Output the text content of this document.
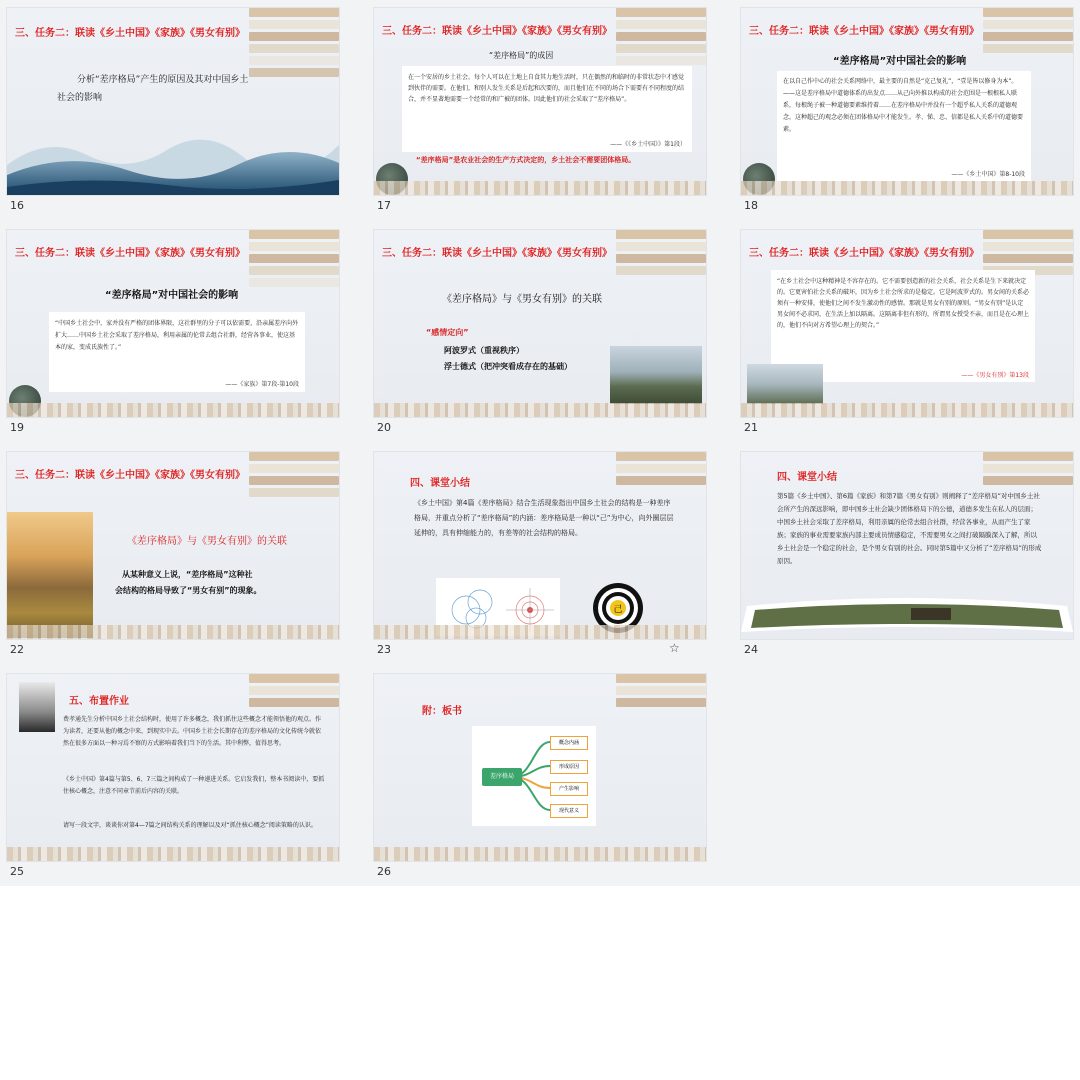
三、任务二：联读《乡土中国》《家族》《男女有别》
分析“差序格局”产生的原因及其对中国乡土
社会的影响
16
三、任务二：联读《乡土中国》《家族》《男女有别》
“差序格局”的成因
在一个安居的乡土社会，每个人可以在土地上自食其力地生活时，只在偶然的和临时的非常状态中才感觉到伙伴的需要。在他们，和别人发生关系是后起和次要的，而且他们在不同的场合下需要有不同程度的结合，并不显著地需要一个经常的和广被的团体。因此他们的社会采取了“差序格局”。
——《《乡土中国》》第1段）
“差序格局”是农业社会的生产方式决定的，乡土社会不需要团体格局。
17
三、任务二：联读《乡土中国》《家族》《男女有别》
“差序格局”对中国社会的影响
在以自己作中心的社会关系网络中，最主要的自然是“克己复礼”，“壹是皆以修身为本”。——这是差序格局中道德体系的出发点……从己向外推以构成的社会范围是一根根私人联系，每根绳子被一种道德要素维持着……在差序格局中并没有一个超乎私人关系的道德观念，这种超己的观念必须在团体格局中才能发生。孝、悌、忠、信都是私人关系中的道德要素。
——《乡土中国》第8-10段
18
三、任务二：联读《乡土中国》《家族》《男女有别》
“差序格局”对中国社会的影响
“中国乡土社会中，家并没有严格的团体界限，这社群里的分子可以依需要，沿亲属差序向外扩大……中国乡土社会采取了差序格局，利用亲属的伦常去组合社群，经营各事业，使这基本的家，变成氏族性了。”
——《家族》第7段-第10段
19
三、任务二：联读《乡土中国》《家族》《男女有别》
《差序格局》与《男女有别》的关联
“感情定向”
阿波罗式（重视秩序）
浮士德式（把冲突看成存在的基础）
20
三、任务二：联读《乡土中国》《家族》《男女有别》
“在乡土社会中这种精神是不容存在的。它不需要创造新的社会关系，社会关系是生下来就决定的。它更害怕社会关系的破坏，因为乡土社会所求的是稳定。它是阿波罗式的。男女间的关系必须有一种安排，使他们之间不发生激动性的感情。那就是男女有别的原则。“男女有别”是认定男女间不必求同，在生活上加以隔离。这隔离非但有形的，所谓男女授受不亲，而且是在心理上的，他们不向对方希望心理上的契合。”
——《男女有别》第13段
21
三、任务二：联读《乡土中国》《家族》《男女有别》
《差序格局》与《男女有别》的关联
从某种意义上说，“差序格局”这种社
会结构的格局导致了“男女有别”的现象。
22
四、课堂小结
《乡土中国》第4篇《差序格局》结合生活现象指出中国乡土社会的结构是一种差序格局，并重点分析了“差序格局”的内涵：差序格局是一种以“己”为中心，向外圈层层延伸的，具有伸缩能力的，有差等的社会结构的格局。
己
23	☆
四、课堂小结
第5篇《乡土中国》、第6篇《家族》和第7篇《男女有别》则阐释了“差序格局”对中国乡土社会所产生的深远影响，即中国乡土社会缺少团体格局下的公德，道德多发生在私人的层面；中国乡土社会采取了差序格局，利用亲属的伦常去组合社群，经营各事业，从而产生了家族；家族的事业需要家族内部主要成员情感稳定，不需要男女之间打破隔膜深入了解，所以乡土社会是一个稳定的社会，是个男女有别的社会。同时第5篇中又分析了“差序格局”的形成原因。
24
五、布置作业
费孝通先生分析中国乡土社会结构时，使用了许多概念，我们抓住这些概念才能领悟他的观点。作为读者，还要从他的概念中来，到现实中去。中国乡土社会长期存在的差序格局的文化传统今就依然在很多方面以一种习焉不察的方式影响着我们当下的生活。其中利弊，值得思考。
《乡土中国》第4篇与第5、6、7三篇之间构成了一种递进关系。它启发我们，整本书阅读中，要抓住核心概念，注意不同章节前后内容的关联。
请写一段文字，谈谈你对第4—7篇之间结构关系的理解以及对“抓住核心概念”阅读策略的认识。
25
附：板书
差序格局
概念内涵
形成原因
产生影响
现代意义
26
